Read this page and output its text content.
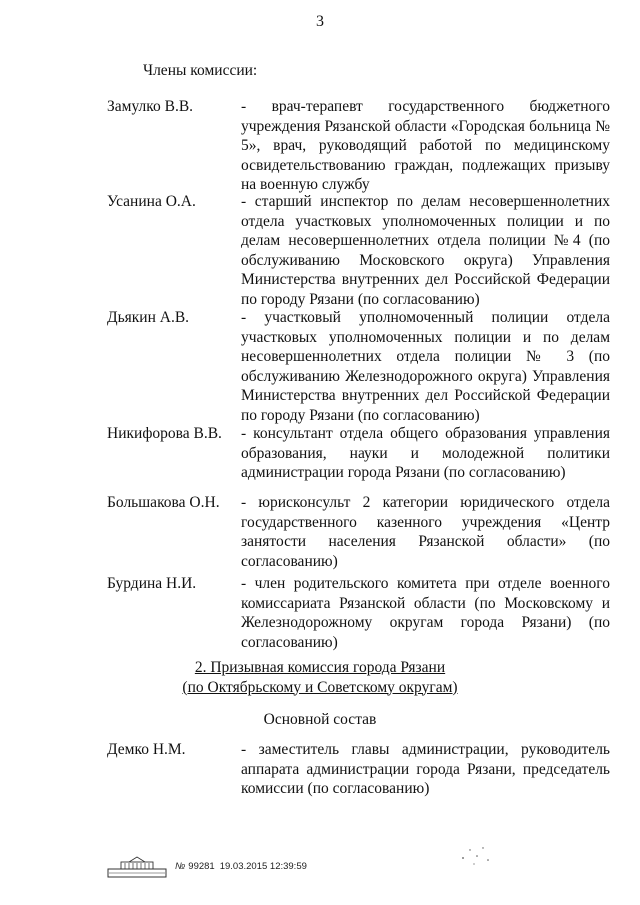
3
Члены комиссии:
Замулко В.В.	- врач-терапевт государственного бюджетного учреждения Рязанской области «Городская больница № 5», врач, руководящий работой по медицинскому освидетельствованию граждан, подлежащих призыву на военную службу
Усанина О.А.	- старший инспектор по делам несовершеннолетних отдела участковых уполномоченных полиции и по делам несовершеннолетних отдела полиции №4 (по обслуживанию Московского округа) Управления Министерства внутренних дел Российской Федерации по городу Рязани (по согласованию)
Дьякин А.В.	- участковый уполномоченный полиции отдела участковых уполномоченных полиции и по делам несовершеннолетних отдела полиции № 3 (по обслуживанию Железнодорожного округа) Управления Министерства внутренних дел Российской Федерации по городу Рязани (по согласованию)
Никифорова В.В. - консультант отдела общего образования управления образования, науки и молодежной политики администрации города Рязани (по согласованию)
Большакова О.Н. - юрисконсульт 2 категории юридического отдела государственного казенного учреждения «Центр занятости населения Рязанской области» (по согласованию)
Бурдина Н.И.	- член родительского комитета при отделе военного комиссариата Рязанской области (по Московскому и Железнодорожному округам города Рязани) (по согласованию)
2. Призывная комиссия города Рязани
(по Октябрьскому и Советскому округам)
Основной состав
Демко Н.М.	- заместитель главы администрации, руководитель аппарата администрации города Рязани, председатель комиссии (по согласованию)
№ 99281 19.03.2015 12:39:59
